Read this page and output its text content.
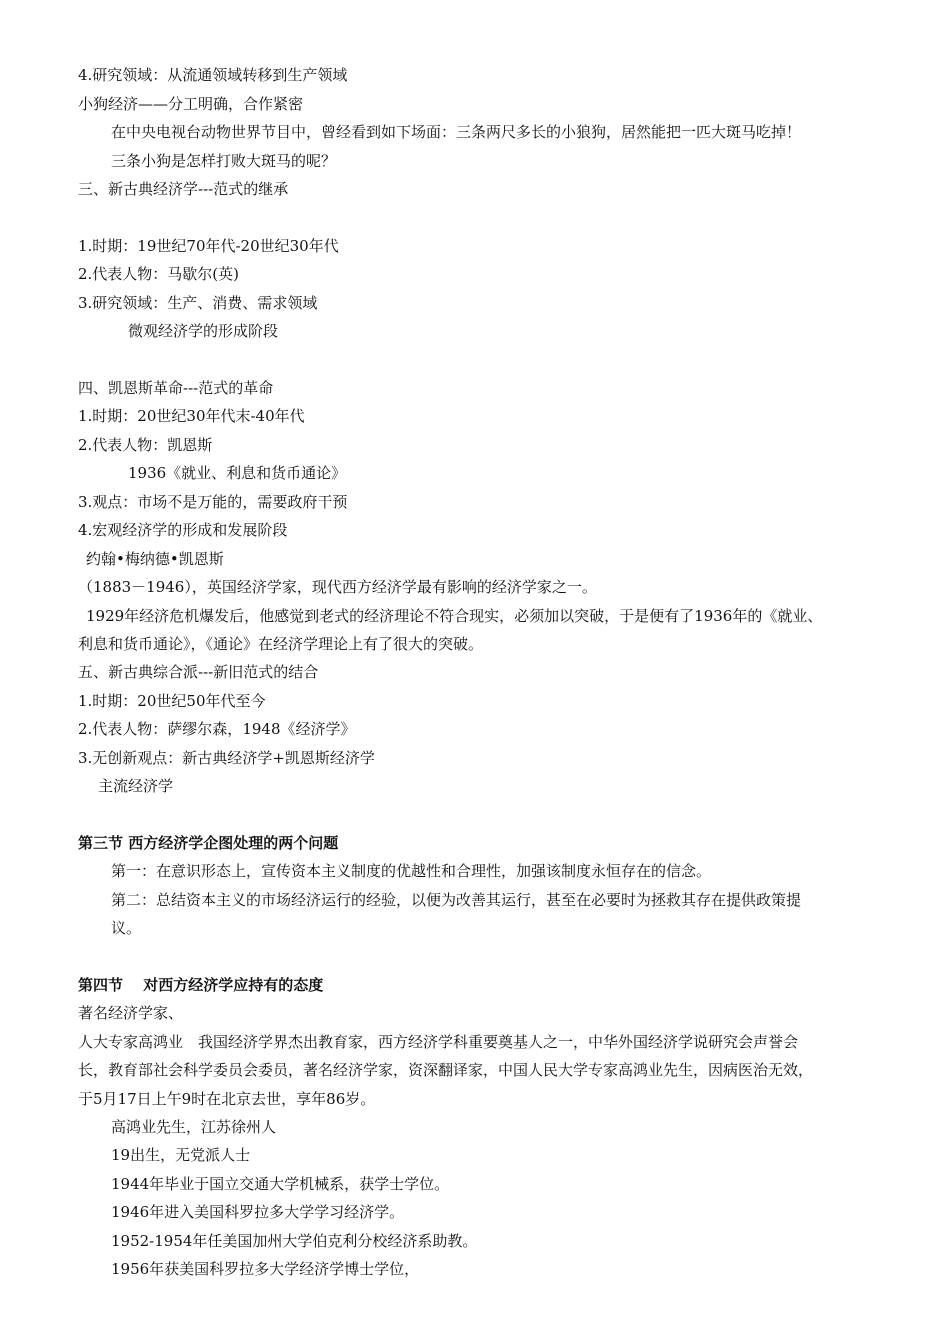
4.研究领域：从流通领域转移到生产领域
小狗经济——分工明确，合作紧密
在中央电视台动物世界节目中，曾经看到如下场面：三条两尺多长的小狼狗，居然能把一匹大斑马吃掉！
三条小狗是怎样打败大斑马的呢？
三、新古典经济学---范式的继承
1.时期：19世纪70年代-20世纪30年代
2.代表人物：马歇尔(英)
3.研究领域：生产、消费、需求领域
微观经济学的形成阶段
四、凯恩斯革命---范式的革命
1.时期：20世纪30年代末-40年代
2.代表人物：凯恩斯
1936《就业、利息和货币通论》
3.观点：市场不是万能的，需要政府干预
4.宏观经济学的形成和发展阶段
约翰•梅纳德•凯恩斯
（1883－1946），英国经济学家，现代西方经济学最有影响的经济学家之一。
1929年经济危机爆发后，他感觉到老式的经济理论不符合现实，必须加以突破，于是便有了1936年的《就业、
利息和货币通论》，《通论》在经济学理论上有了很大的突破。
五、新古典综合派---新旧范式的结合
1.时期：20世纪50年代至今
2.代表人物：萨缪尔森，1948《经济学》
3.无创新观点：新古典经济学+凯恩斯经济学
主流经济学
第三节 西方经济学企图处理的两个问题
第一：在意识形态上，宣传资本主义制度的优越性和合理性，加强该制度永恒存在的信念。
第二：总结资本主义的市场经济运行的经验，以便为改善其运行，甚至在必要时为拯救其存在提供政策提
议。
第四节　 对西方经济学应持有的态度
著名经济学家、
人大专家高鸿业　我国经济学界杰出教育家，西方经济学科重要奠基人之一，中华外国经济学说研究会声誉会
长，教育部社会科学委员会委员，著名经济学家，资深翻译家，中国人民大学专家高鸿业先生，因病医治无效，
于5月17日上午9时在北京去世，享年86岁。
高鸿业先生，江苏徐州人
19出生，无党派人士
1944年毕业于国立交通大学机械系，获学士学位。
1946年进入美国科罗拉多大学学习经济学。
1952-1954年任美国加州大学伯克利分校经济系助教。
1956年获美国科罗拉多大学经济学博士学位，
